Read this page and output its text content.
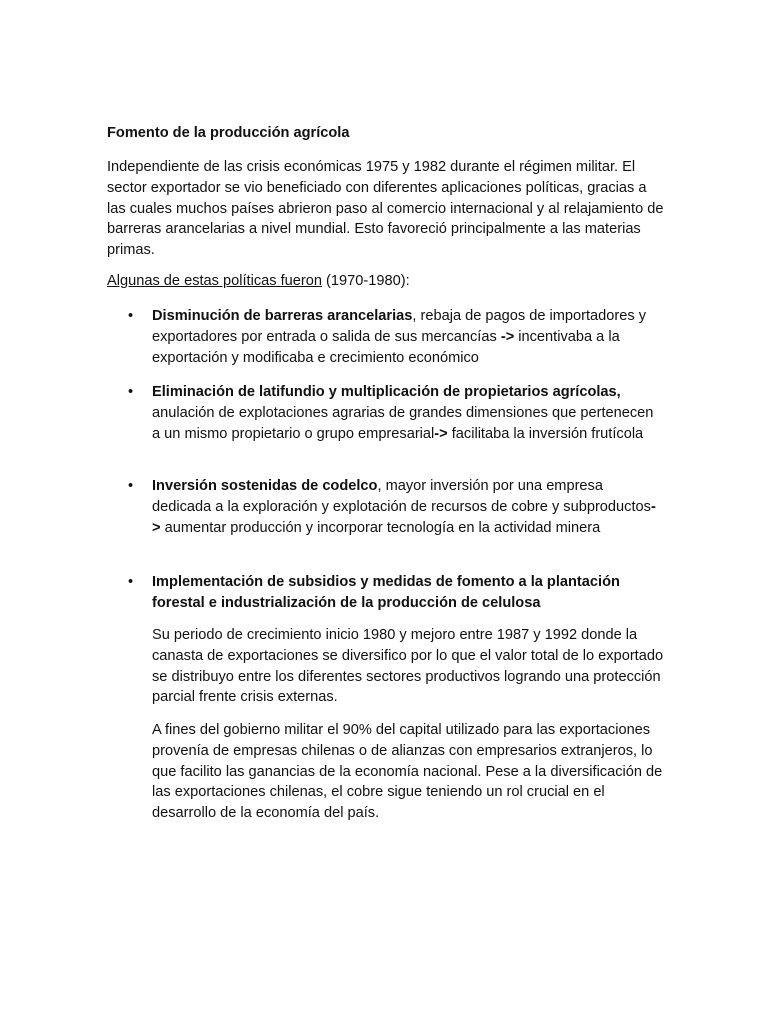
Fomento de la producción agrícola

Independiente de las crisis económicas 1975 y 1982 durante el régimen militar. El sector exportador se vio beneficiado con diferentes aplicaciones políticas, gracias a las cuales muchos países abrieron paso al comercio internacional y al relajamiento de barreras arancelarias a nivel mundial. Esto favoreció principalmente a las materias primas.

Algunas de estas políticas fueron (1970-1980):

• Disminución de barreras arancelarias, rebaja de pagos de importadores y exportadores por entrada o salida de sus mercancías -> incentivaba a la exportación y modificaba e crecimiento económico
• Eliminación de latifundio y multiplicación de propietarios agrícolas, anulación de explotaciones agrarias de grandes dimensiones que pertenecen a un mismo propietario o grupo empresarial-> facilitaba la inversión frutícola
• Inversión sostenidas de codelco, mayor inversión por una empresa dedicada a la exploración y explotación de recursos de cobre y subproductos-> aumentar producción y incorporar tecnología en la actividad minera
• Implementación de subsidios y medidas de fomento a la plantación forestal e industrialización de la producción de celulosa

Su periodo de crecimiento inicio 1980 y mejoro entre 1987 y 1992 donde la canasta de exportaciones se diversifico por lo que el valor total de lo exportado se distribuyo entre los diferentes sectores productivos logrando una protección parcial frente crisis externas.

A fines del gobierno militar el 90% del capital utilizado para las exportaciones provenía de empresas chilenas o de alianzas con empresarios extranjeros, lo que facilito las ganancias de la economía nacional. Pese a la diversificación de las exportaciones chilenas, el cobre sigue teniendo un rol crucial en el desarrollo de la economía del país.
